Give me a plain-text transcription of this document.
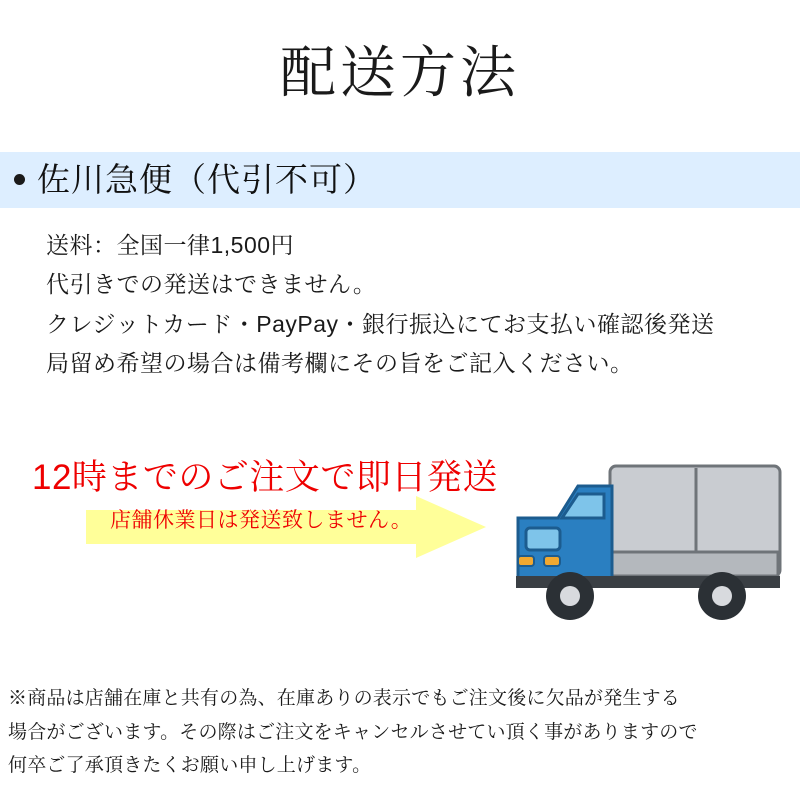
配送方法
佐川急便（代引不可）
送料：全国一律1,500円
代引きでの発送はできません。
クレジットカード・PayPay・銀行振込にてお支払い確認後発送
局留め希望の場合は備考欄にその旨をご記入ください。
12時までのご注文で即日発送
店舗休業日は発送致しません。

※商品は店舗在庫と共有の為、在庫ありの表示でもご注文後に欠品が発生する

場合がございます。その際はご注文をキャンセルさせてい頂く事がありますので

何卒ご了承頂きたくお願い申し上げます。
